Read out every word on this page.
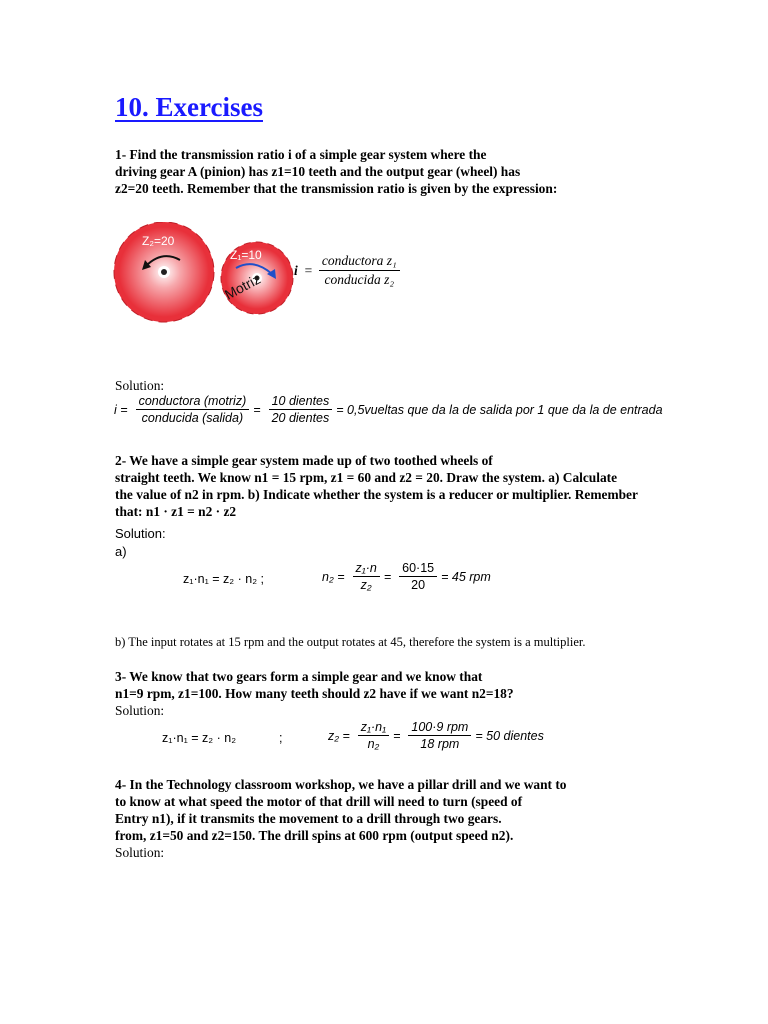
10. Exercises
1- Find the transmission ratio i of a simple gear system where the
driving gear A (pinion) has z1=10 teeth and the output gear (wheel) has
z2=20 teeth. Remember that the transmission ratio is given by the expression:
Z₂=20
Z₁=10
Motriz
$i = \frac{\text{conductora z₁}}{\text{conducida z₂}}$
Solution:
$i = \frac{\text{conductora (motriz)}}{\text{conducida (salida)}} = \frac{\text{10 dientes}}{\text{20 dientes}}$ = 0,5vueltas que da la de salida por 1 que da la de entrada
2- We have a simple gear system made up of two toothed wheels of
straight teeth. We know n1 = 15 rpm, z1 = 60 and z2 = 20. Draw the system. a) Calculate
the value of n2 in rpm. b) Indicate whether the system is a reducer or multiplier. Remember
that: n1 · z1 = n2 · z2
Solution:
a)
z₁·n₁ = z₂ · n₂ ;	$n_2 = \frac{\text{z₁·n}}{\text{z₂}} = \frac{60\cdot 15}{20} = 45$ rpm
b) The input rotates at 15 rpm and the output rotates at 45, therefore the system is a multiplier.
3- We know that two gears form a simple gear and we know that
n1=9 rpm, z1=100. How many teeth should z2 have if we want n2=18?
Solution:
z₁·n₁ = z₂ · n₂	;	$z_2 = \frac{\text{z₁·n₁}}{\text{n₂}} = \frac{\text{100·9 rpm}}{\text{18 rpm}} = 50$ dientes
4- In the Technology classroom workshop, we have a pillar drill and we want to
to know at what speed the motor of that drill will need to turn (speed of
Entry n1), if it transmits the movement to a drill through two gears.
from, z1=50 and z2=150. The drill spins at 600 rpm (output speed n2).
Solution:
